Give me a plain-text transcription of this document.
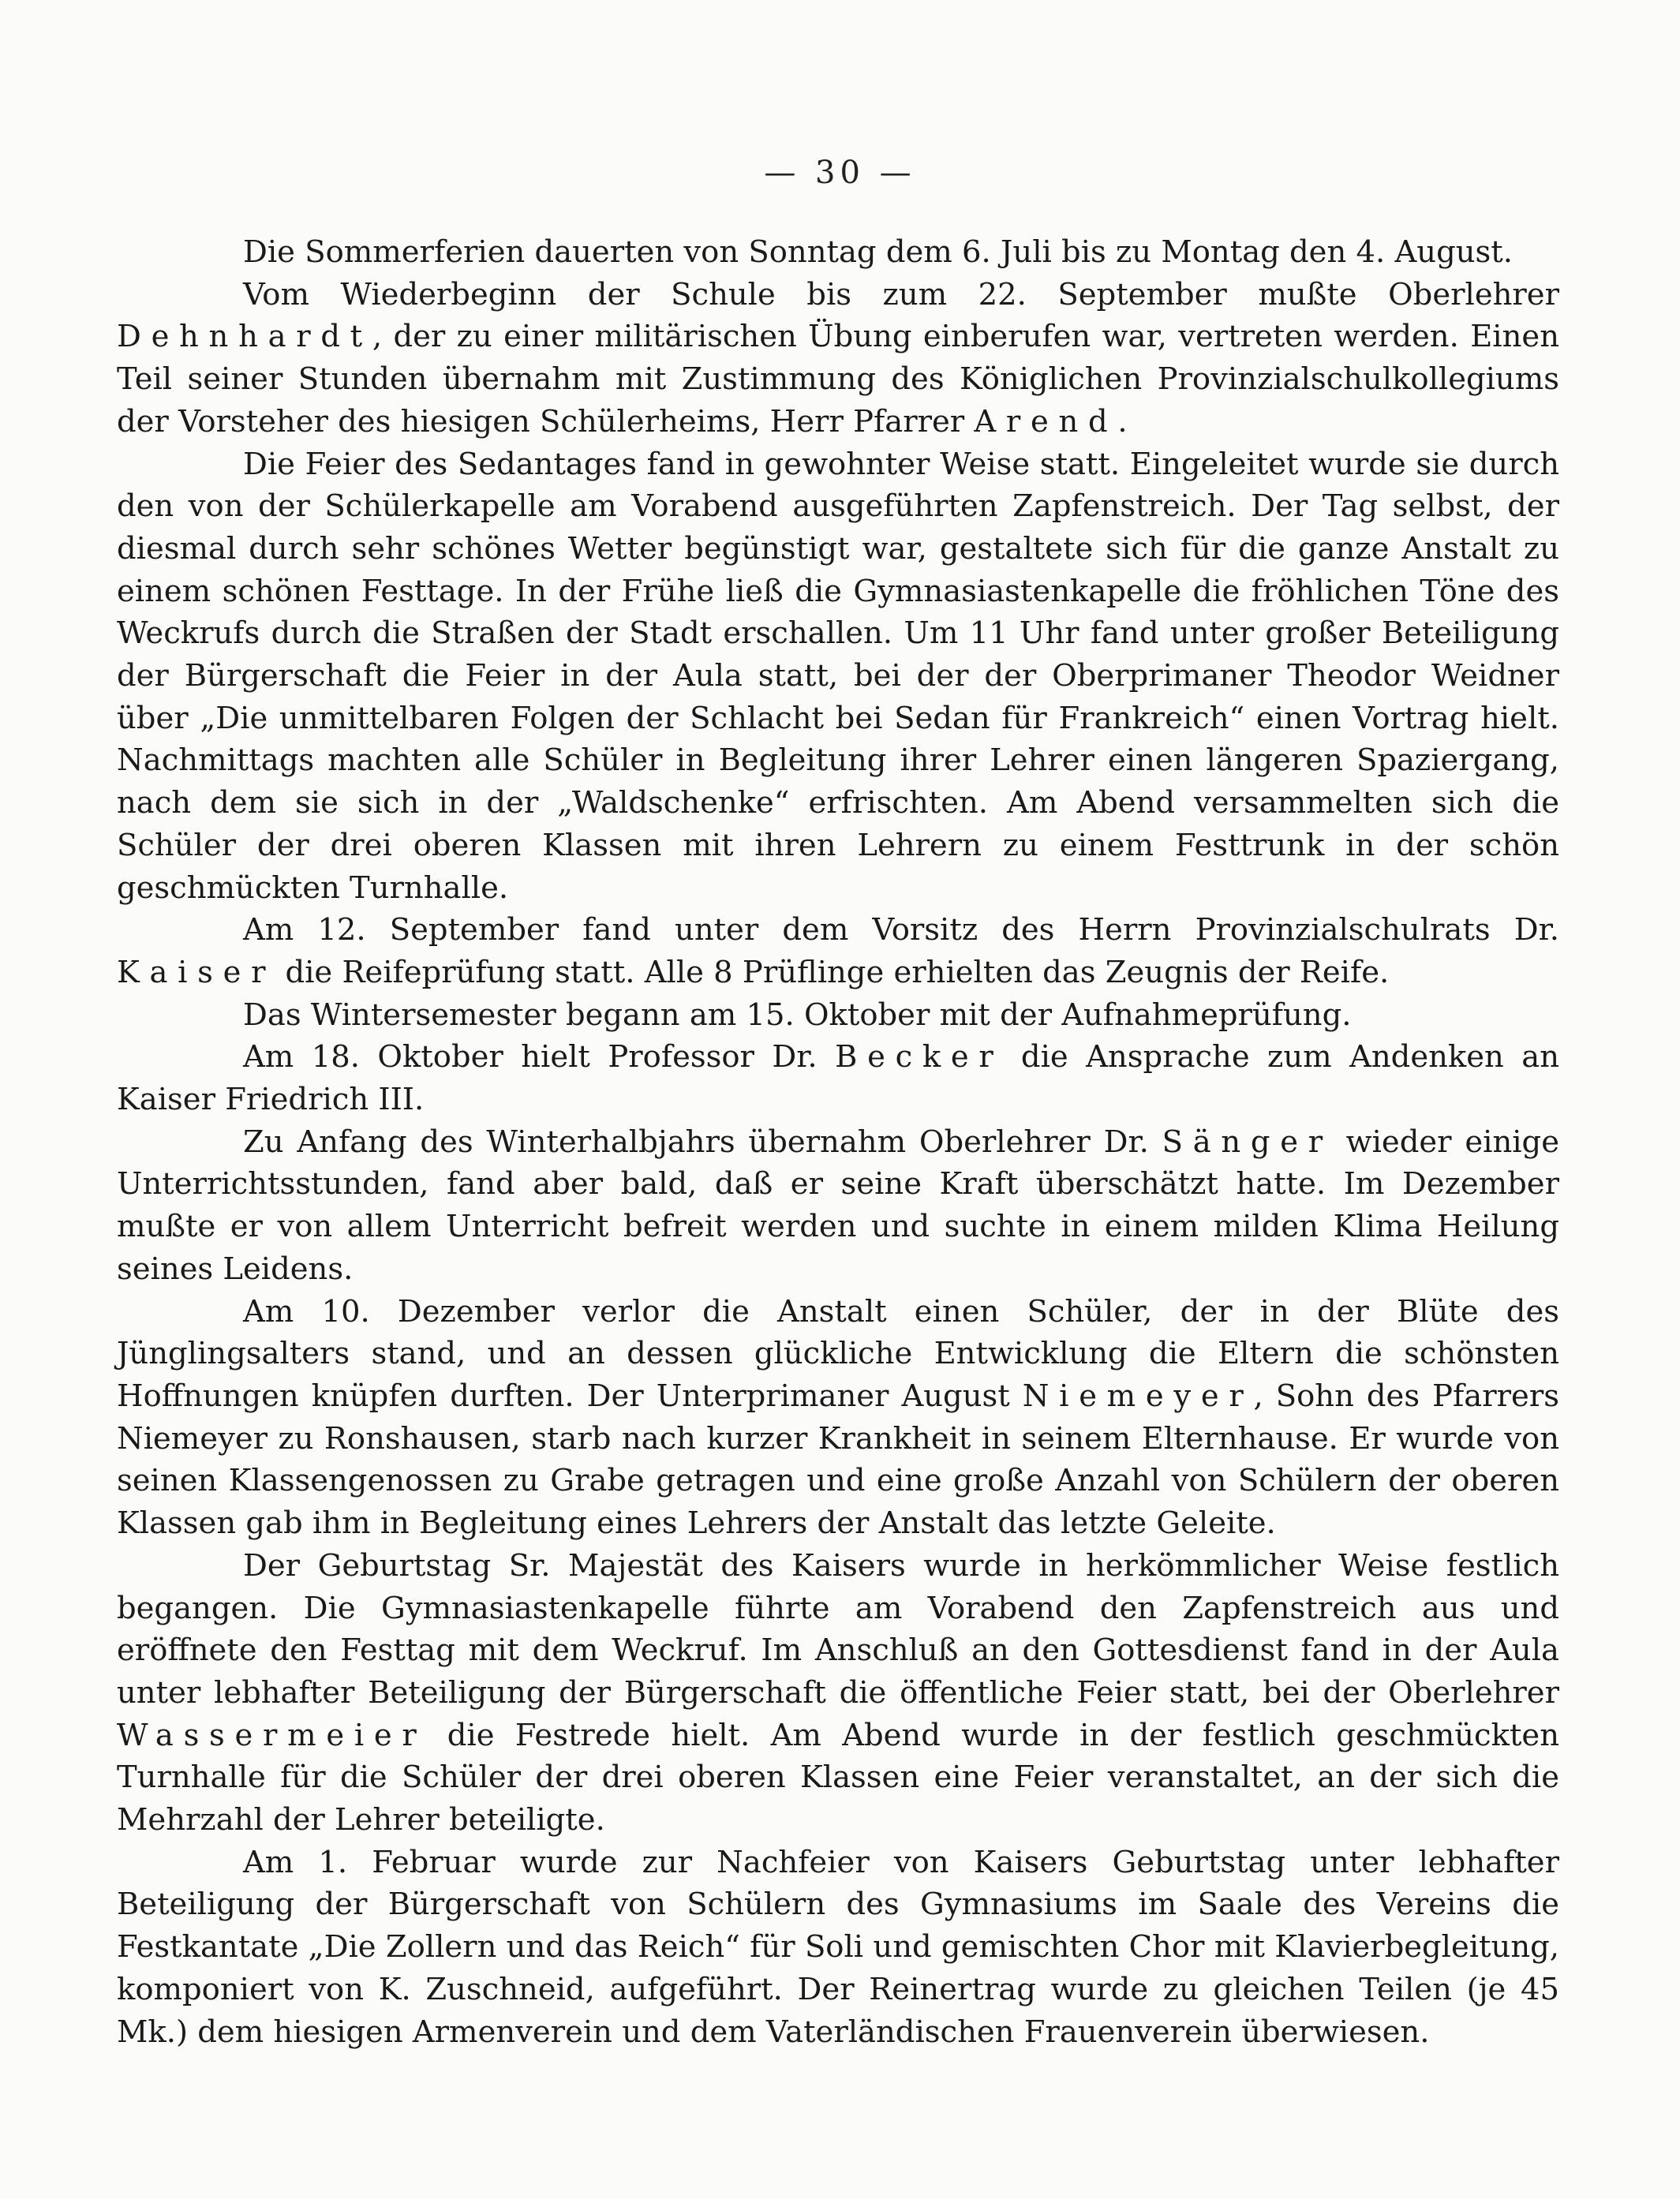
— 30 —

Die Sommerferien dauerten von Sonntag dem 6. Juli bis zu Montag den 4. August.

Vom Wiederbeginn der Schule bis zum 22. September mußte Oberlehrer Dehnhardt, der zu einer militärischen Übung einberufen war, vertreten werden. Einen Teil seiner Stunden übernahm mit Zustimmung des Königlichen Provinzialschulkollegiums der Vorsteher des hiesigen Schülerheims, Herr Pfarrer Arend.

Die Feier des Sedantages fand in gewohnter Weise statt. Eingeleitet wurde sie durch den von der Schülerkapelle am Vorabend ausgeführten Zapfenstreich. Der Tag selbst, der diesmal durch sehr schönes Wetter begünstigt war, gestaltete sich für die ganze Anstalt zu einem schönen Festtage. In der Frühe ließ die Gymnasiastenkapelle die fröhlichen Töne des Weckrufs durch die Straßen der Stadt erschallen. Um 11 Uhr fand unter großer Beteiligung der Bürgerschaft die Feier in der Aula statt, bei der der Oberprimaner Theodor Weidner über „Die unmittelbaren Folgen der Schlacht bei Sedan für Frankreich“ einen Vortrag hielt. Nachmittags machten alle Schüler in Begleitung ihrer Lehrer einen längeren Spaziergang, nach dem sie sich in der „Waldschenke“ erfrischten. Am Abend versammelten sich die Schüler der drei oberen Klassen mit ihren Lehrern zu einem Festtrunk in der schön geschmückten Turnhalle.

Am 12. September fand unter dem Vorsitz des Herrn Provinzialschulrats Dr. Kaiser die Reifeprüfung statt. Alle 8 Prüflinge erhielten das Zeugnis der Reife.

Das Wintersemester begann am 15. Oktober mit der Aufnahmeprüfung.

Am 18. Oktober hielt Professor Dr. Becker die Ansprache zum Andenken an Kaiser Friedrich III.

Zu Anfang des Winterhalbjahrs übernahm Oberlehrer Dr. Sänger wieder einige Unterrichtsstunden, fand aber bald, daß er seine Kraft überschätzt hatte. Im Dezember mußte er von allem Unterricht befreit werden und suchte in einem milden Klima Heilung seines Leidens.

Am 10. Dezember verlor die Anstalt einen Schüler, der in der Blüte des Jünglingsalters stand, und an dessen glückliche Entwicklung die Eltern die schönsten Hoffnungen knüpfen durften. Der Unterprimaner August Niemeyer, Sohn des Pfarrers Niemeyer zu Ronshausen, starb nach kurzer Krankheit in seinem Elternhause. Er wurde von seinen Klassengenossen zu Grabe getragen und eine große Anzahl von Schülern der oberen Klassen gab ihm in Begleitung eines Lehrers der Anstalt das letzte Geleite.

Der Geburtstag Sr. Majestät des Kaisers wurde in herkömmlicher Weise festlich begangen. Die Gymnasiastenkapelle führte am Vorabend den Zapfenstreich aus und eröffnete den Festtag mit dem Weckruf. Im Anschluß an den Gottesdienst fand in der Aula unter lebhafter Beteiligung der Bürgerschaft die öffentliche Feier statt, bei der Oberlehrer Wassermeier die Festrede hielt. Am Abend wurde in der festlich geschmückten Turnhalle für die Schüler der drei oberen Klassen eine Feier veranstaltet, an der sich die Mehrzahl der Lehrer beteiligte.

Am 1. Februar wurde zur Nachfeier von Kaisers Geburtstag unter lebhafter Beteiligung der Bürgerschaft von Schülern des Gymnasiums im Saale des Vereins die Festkantate „Die Zollern und das Reich“ für Soli und gemischten Chor mit Klavierbegleitung, komponiert von K. Zuschneid, aufgeführt. Der Reinertrag wurde zu gleichen Teilen (je 45 Mk.) dem hiesigen Armenverein und dem Vaterländischen Frauenverein überwiesen.
